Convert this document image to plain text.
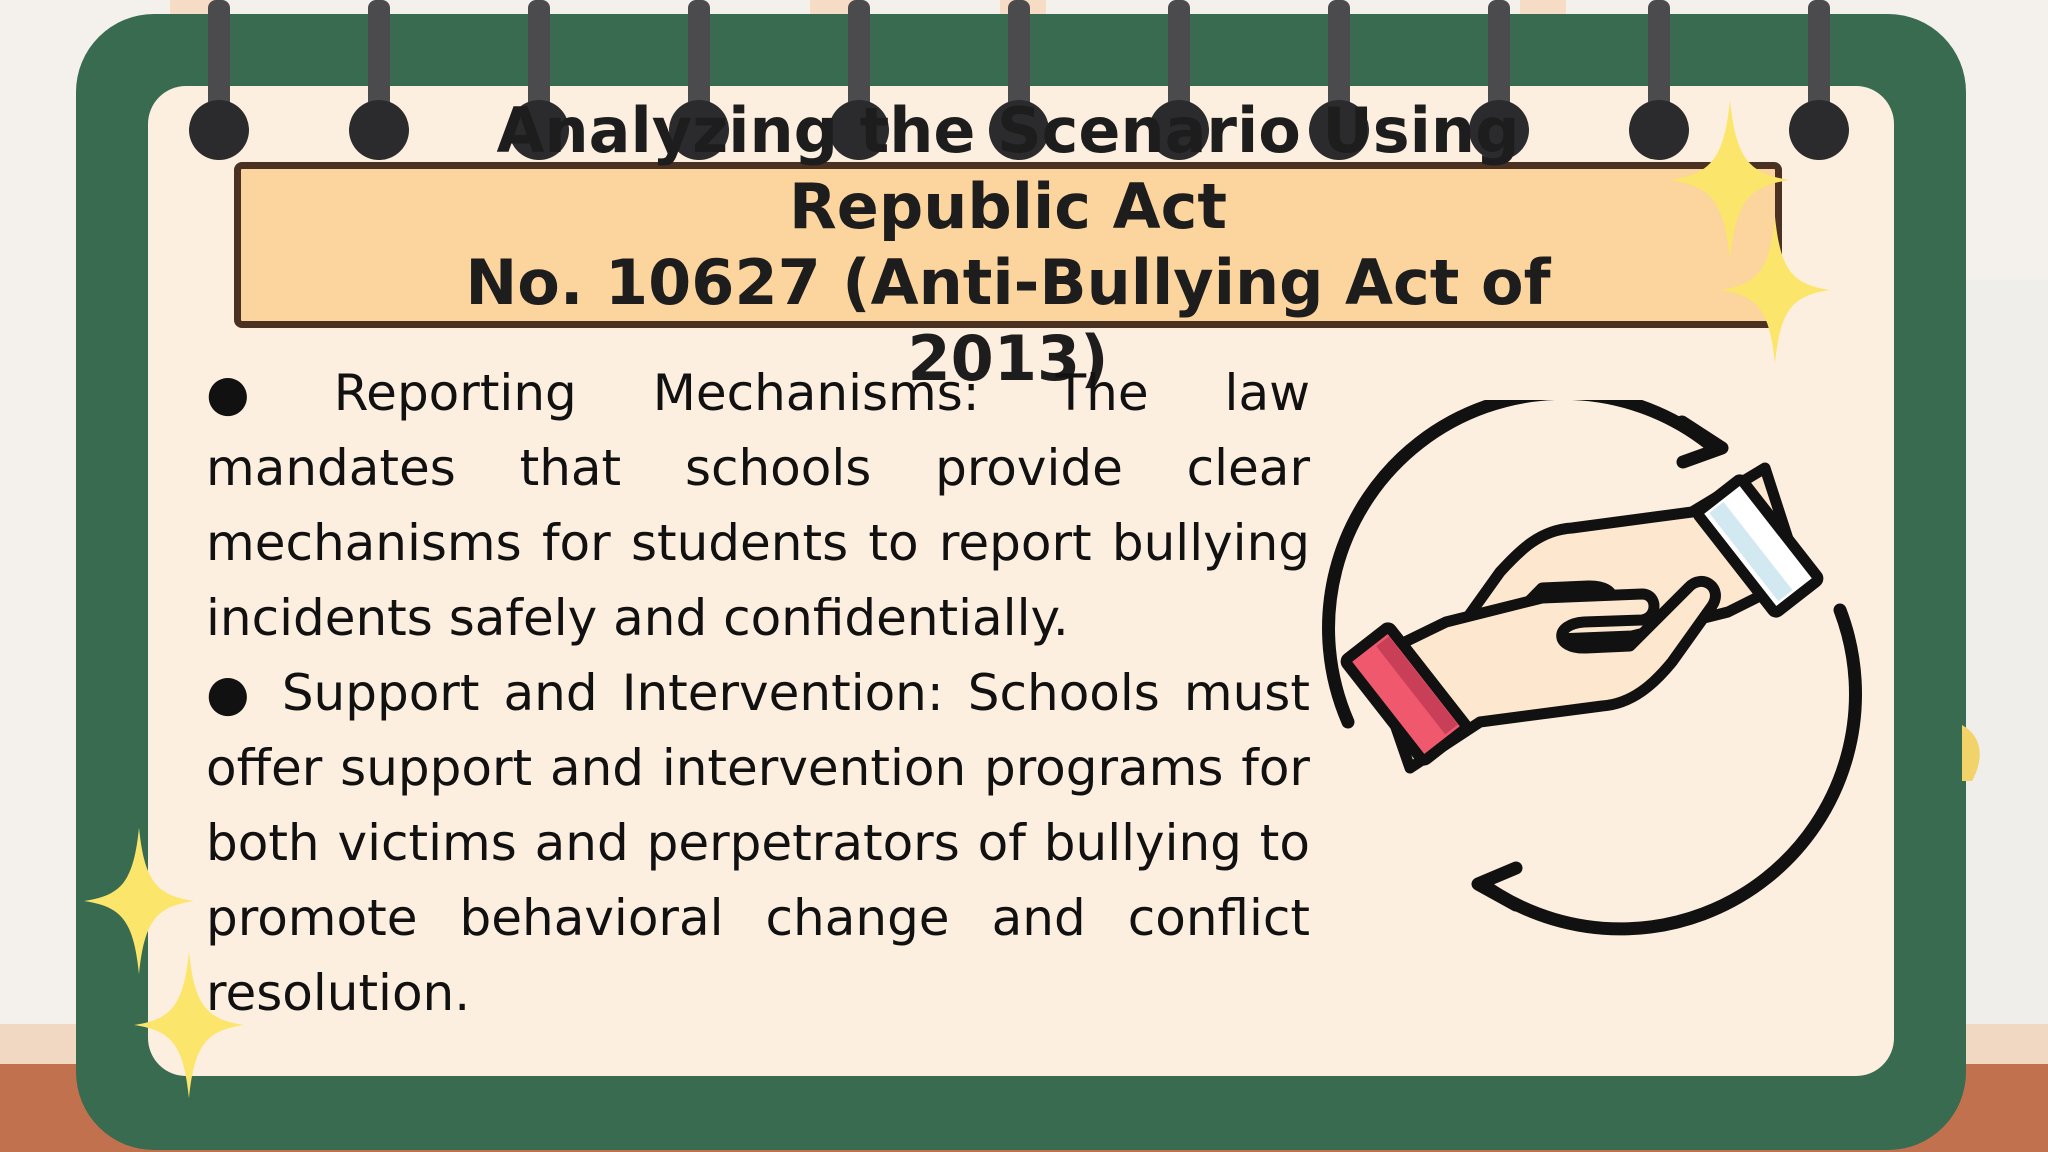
Analyzing the Scenario Using Republic Act
No. 10627 (Anti-Bullying Act of 2013)

● Reporting Mechanisms: The law mandates that schools provide clear mechanisms for students to report bullying incidents safely and confidentially.

● Support and Intervention: Schools must offer support and intervention programs for both victims and perpetrators of bullying to promote behavioral change and conflict resolution.
